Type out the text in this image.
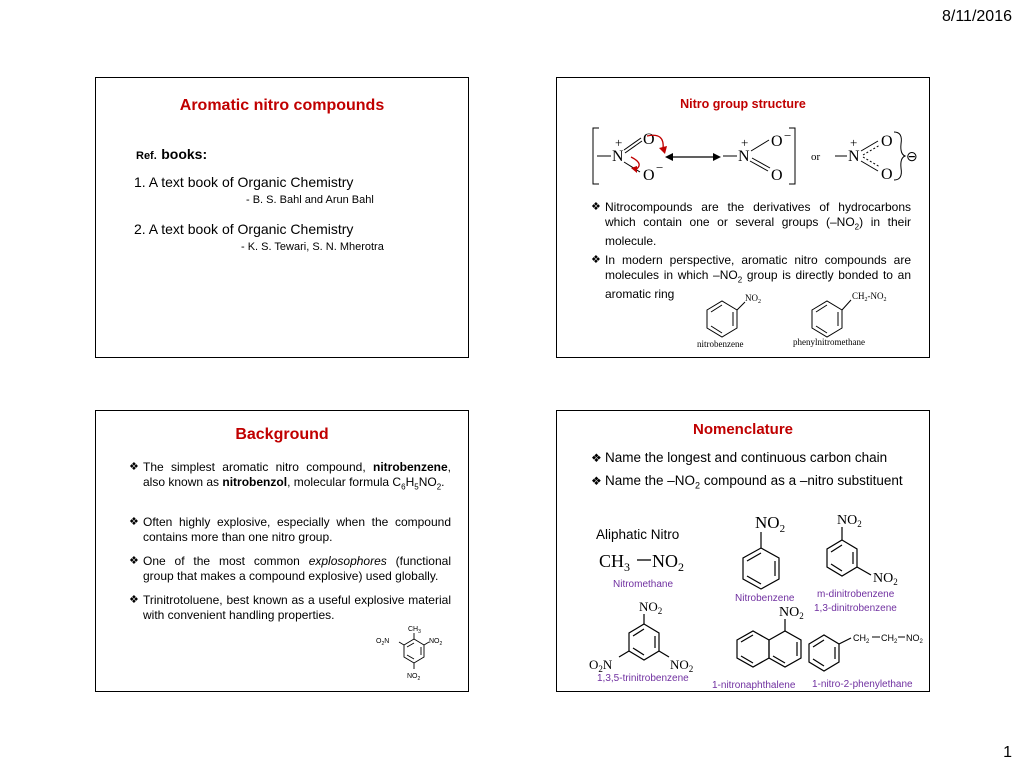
8/11/2016
1
Aromatic nitro compounds
Ref. books:
1. A text book of Organic Chemistry
- B. S. Bahl and Arun Bahl
2. A text book of Organic Chemistry
- K. S. Tewari, S. N. Mherotra
Nitro group structure
N
+ O
O −
N
+ O −
O
or N
+ O
O
⊖
❖ Nitrocompounds are the derivatives of hydrocarbons which contain one or several groups $(-NO_2)$ in their molecule.
❖ In modern perspective, aromatic nitro compounds are molecules in which $-NO_2$ group is directly bonded to an aromatic ring	$NO_2$
nitrobenzene
$CH_2-NO_2$
phenylnitromethane
Background
❖ The simplest aromatic nitro compound, nitrobenzene, also known as nitrobenzol, molecular formula $C_6H_5NO_2$.
❖ Often highly explosive, especially when the compound contains more than one nitro group.
❖ One of the most common explosophores (functional group that makes a compound explosive) used globally.
❖ Trinitrotoluene, best known as a useful explosive material with convenient handling properties.
$CH_3$
$O_2N$	$NO_2$
$NO_2$
Nomenclature
❖ Name the longest and continuous carbon chain
❖ Name the $-NO_2$ compound as a –nitro substituent
Aliphatic Nitro
$CH_3$ $NO_2$
Nitromethane
$NO_2$
Nitrobenzene
$NO_2$
$NO_2$
m-dinitrobenzene
1,3-dinitrobenzene
$NO_2$
$NO_2$
$O_2N$
1,3,5-trinitrobenzene
$NO_2$
1-nitronaphthalene
$CH_2$ $CH_2$ $NO_2$
1-nitro-2-phenylethane
